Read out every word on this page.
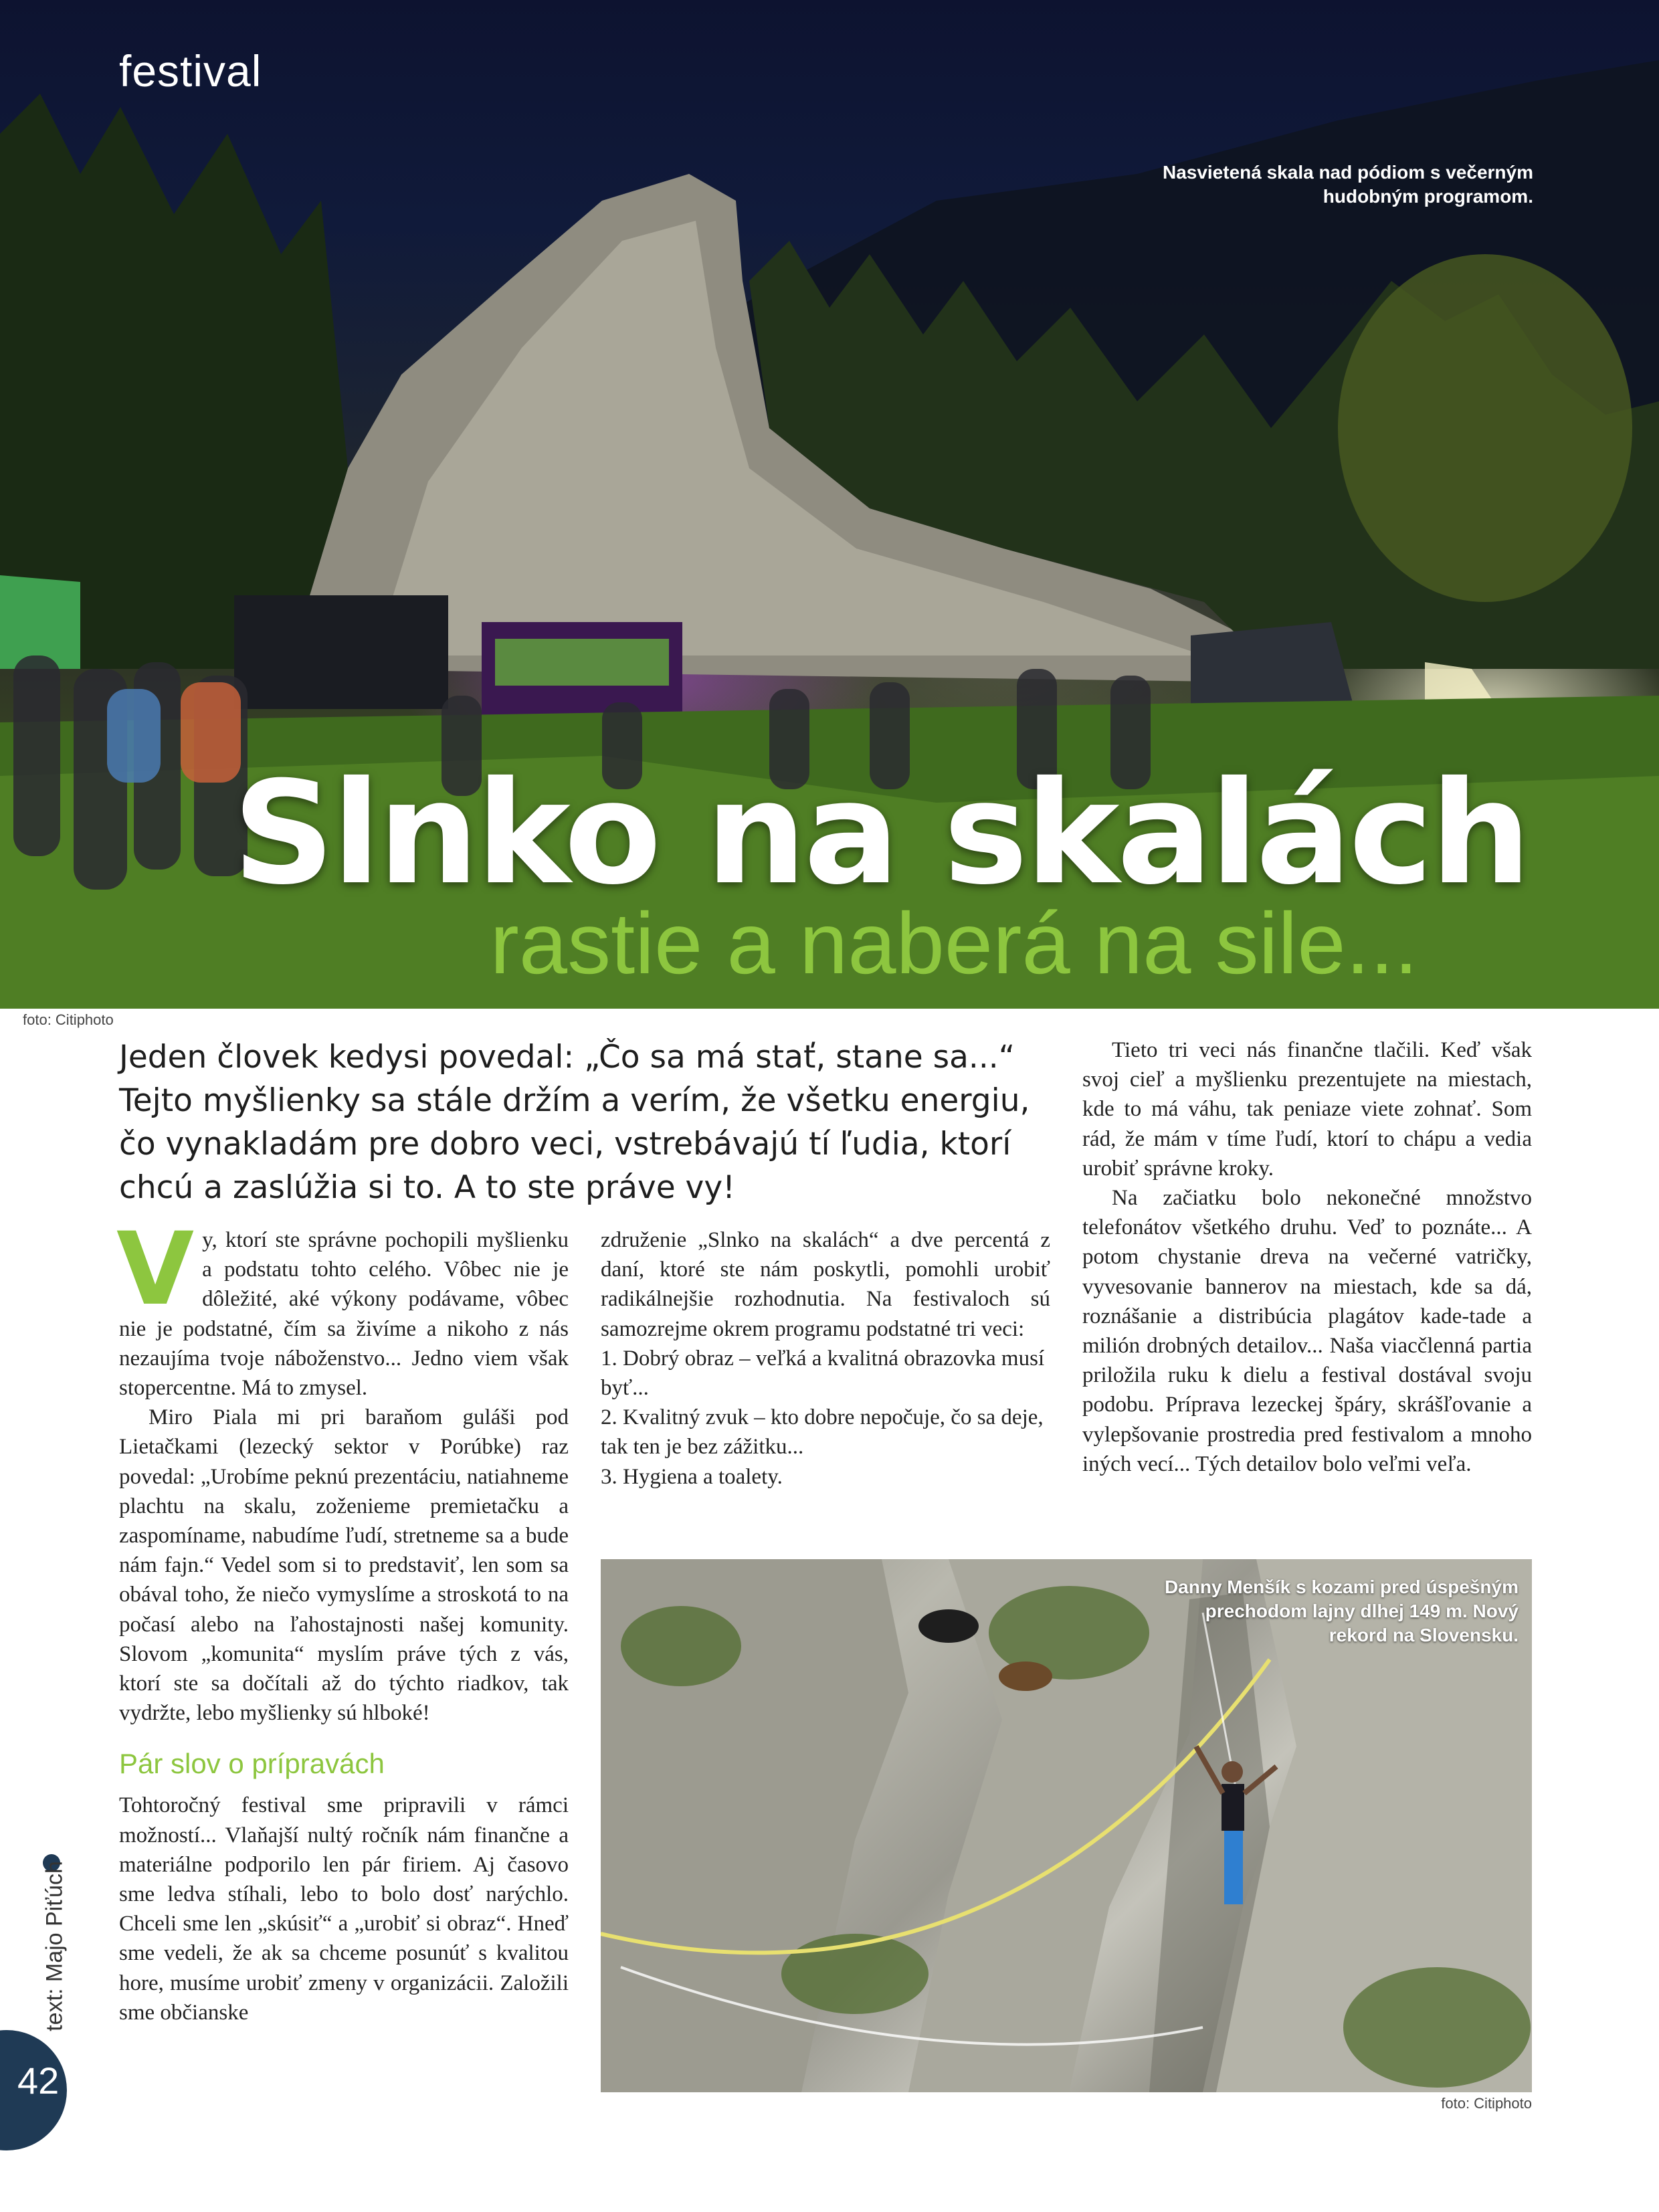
festival
Nasvietená skala nad pódiom s večerným hudobným programom.
Slnko na skalách
rastie a naberá na sile...
foto: Citiphoto
Jeden človek kedysi povedal: „Čo sa má stať, stane sa...“ Tejto myšlienky sa stále držím a verím, že všetku energiu, čo vynakladám pre dobro veci, vstrebávajú tí ľudia, ktorí chcú a zaslúžia si to. A to ste práve vy!

Vy, ktorí ste správne pochopili myšlienku a podstatu tohto celého. Vôbec nie je dôležité, aké výkony podávame, vôbec nie je podstatné, čím sa živíme a nikoho z nás nezaujíma tvoje náboženstvo... Jedno viem však stopercentne. Má to zmysel.

Miro Piala mi pri baraňom guláši pod Lietačkami (lezecký sektor v Porúbke) raz povedal: „Urobíme peknú prezentáciu, natiahneme plachtu na skalu, zoženieme premietačku a zaspomíname, nabudíme ľudí, stretneme sa a bude nám fajn.“ Vedel som si to predstaviť, len som sa obával toho, že niečo vymyslíme a stroskotá to na počasí alebo na ľahostajnosti našej komunity. Slovom „komunita“ myslím práve tých z vás, ktorí ste sa dočítali až do týchto riadkov, tak vydržte, lebo myšlienky sú hlboké!

Pár slov o prípravách

Tohtoročný festival sme pripravili v rámci možností... Vlaňajší nultý ročník nám finančne a materiálne podporilo len pár firiem. Aj časovo sme ledva stíhali, lebo to bolo dosť narýchlo. Chceli sme len „skúsiť“ a „urobiť si obraz“. Hneď sme vedeli, že ak sa chceme posunúť s kvalitou hore, musíme urobiť zmeny v organizácii. Založili sme občianske

združenie „Slnko na skalách“ a dve percentá z daní, ktoré ste nám poskytli, pomohli urobiť radikálnejšie rozhodnutia. Na festivaloch sú samozrejme okrem programu podstatné tri veci:

1. Dobrý obraz – veľká a kvalitná obrazovka musí byť...

2. Kvalitný zvuk – kto dobre nepočuje, čo sa deje, tak ten je bez zážitku...

3. Hygiena a toalety.

Tieto tri veci nás finančne tlačili. Keď však svoj cieľ a myšlienku prezentujete na miestach, kde to má váhu, tak peniaze viete zohnať. Som rád, že mám v tíme ľudí, ktorí to chápu a vedia urobiť správne kroky.

Na začiatku bolo nekonečné množstvo telefonátov všetkého druhu. Veď to poznáte... A potom chystanie dreva na večerné vatričky, vyvesovanie bannerov na miestach, kde sa dá, roznášanie a distribúcia plagátov kade-tade a milión drobných detailov... Naša viacčlenná partia priložila ruku k dielu a festival dostával svoju podobu. Príprava lezeckej špáry, skrášľovanie a vylepšovanie prostredia pred festivalom a mnoho iných vecí... Tých detailov bolo veľmi veľa.

Danny Menšík s kozami pred úspešným prechodom lajny dlhej 149 m. Nový rekord na Slovensku.
foto: Citiphoto
text: Majo Piťúch
42
